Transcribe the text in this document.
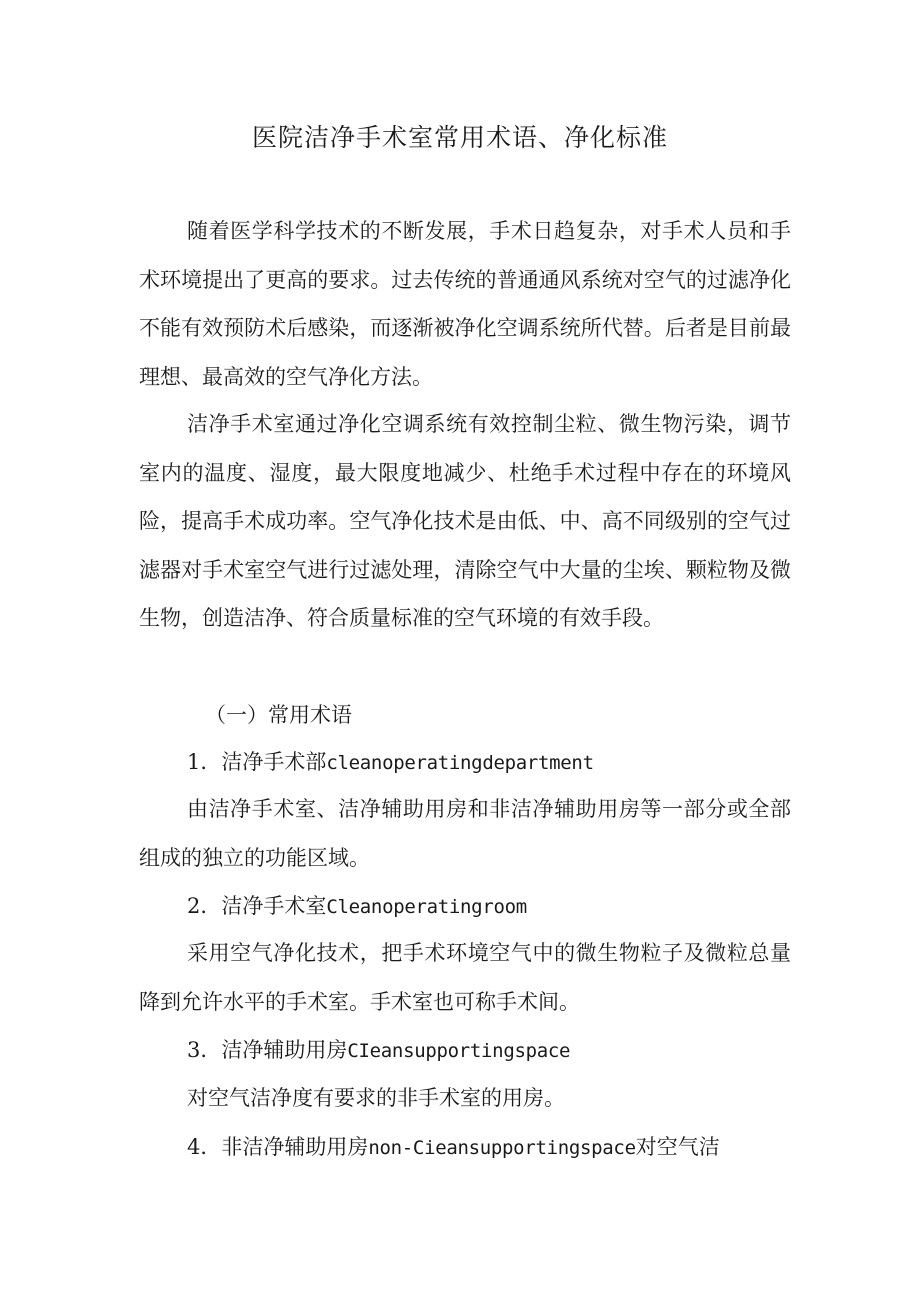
医院洁净手术室常用术语、净化标准

随着医学科学技术的不断发展，手术日趋复杂，对手术人员和手术环境提出了更高的要求。过去传统的普通通风系统对空气的过滤净化不能有效预防术后感染，而逐渐被净化空调系统所代替。后者是目前最理想、最高效的空气净化方法。

洁净手术室通过净化空调系统有效控制尘粒、微生物污染，调节室内的温度、湿度，最大限度地减少、杜绝手术过程中存在的环境风险，提高手术成功率。空气净化技术是由低、中、高不同级别的空气过滤器对手术室空气进行过滤处理，清除空气中大量的尘埃、颗粒物及微生物，创造洁净、符合质量标准的空气环境的有效手段。

（一）常用术语

1．洁净手术部cleanoperatingdepartment

由洁净手术室、洁净辅助用房和非洁净辅助用房等一部分或全部组成的独立的功能区域。

2．洁净手术室Cleanoperatingroom

采用空气净化技术，把手术环境空气中的微生物粒子及微粒总量降到允许水平的手术室。手术室也可称手术间。

3．洁净辅助用房CIeansupportingspace

对空气洁净度有要求的非手术室的用房。

4．非洁净辅助用房non-Cieansupportingspace对空气洁
